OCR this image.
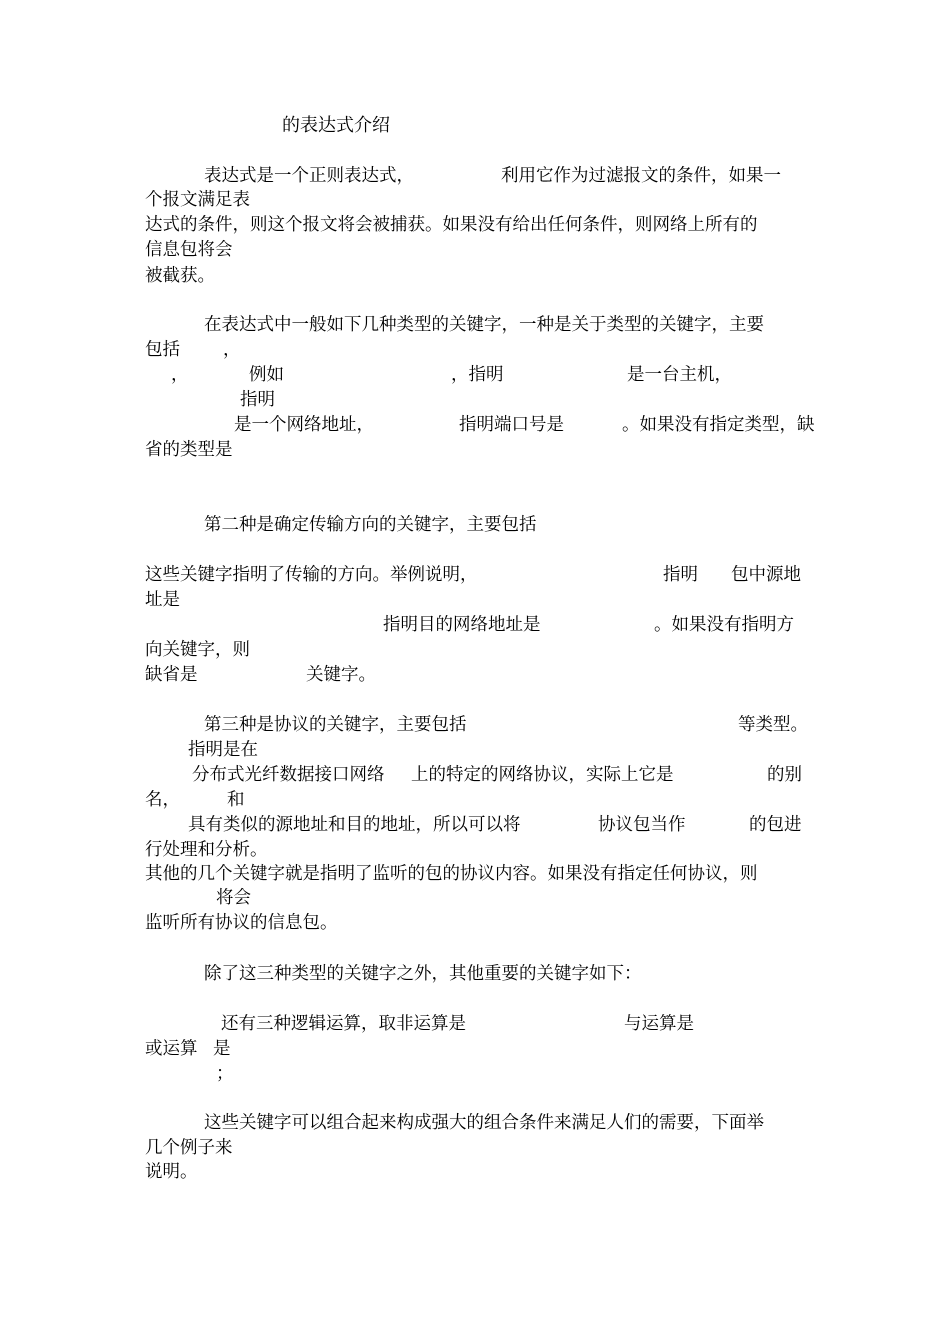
的表达式介绍
表达式是一个正则表达式，	利用它作为过滤报文的条件，如果一
个报文满足表
达式的条件，则这个报文将会被捕获。如果没有给出任何条件，则网络上所有的
信息包将会
被截获。
在表达式中一般如下几种类型的关键字，一种是关于类型的关键字，主要
包括 ，
，	例如	，指明	是一台主机，
指明
是一个网络地址，	指明端口号是	。如果没有指定类型，缺
省的类型是
第二种是确定传输方向的关键字，主要包括
这些关键字指明了传输的方向。举例说明，	指明 包中源地
址是
指明目的网络地址是	。如果没有指明方
向关键字，则
缺省是	关键字。
第三种是协议的关键字，主要包括	等类型。
指明是在
分布式光纤数据接口网络 上的特定的网络协议，实际上它是	的别
名，	和
具有类似的源地址和目的地址，所以可以将	协议包当作	的包进
行处理和分析。
其他的几个关键字就是指明了监听的包的协议内容。如果没有指定任何协议，则
将会
监听所有协议的信息包。
除了这三种类型的关键字之外，其他重要的关键字如下：
还有三种逻辑运算，取非运算是	与运算是
或运算 是
；
这些关键字可以组合起来构成强大的组合条件来满足人们的需要，下面举
几个例子来
说明。
